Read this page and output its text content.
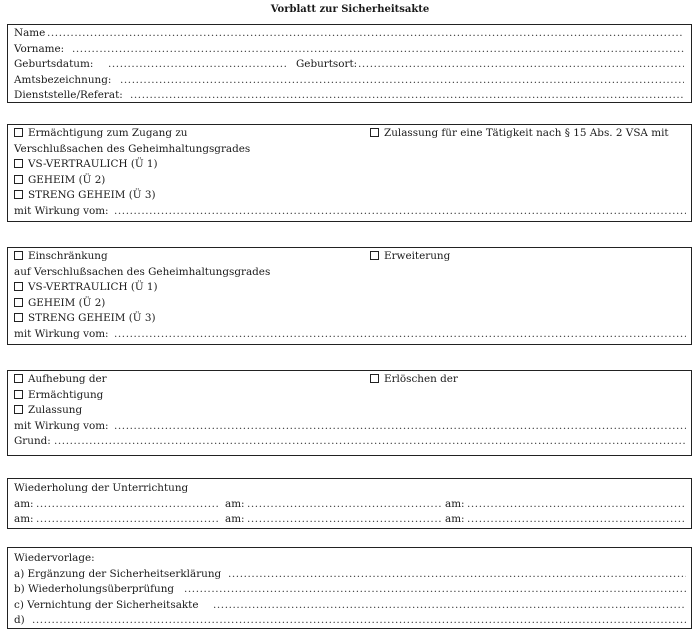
Vorblatt zur Sicherheitsakte
Name
.....
Vorname:
.....
Geburtsdatum: .....	Geburtsort:
.....
Amtsbezeichnung:
.....
Dienststelle/Referat:
.....
Ermächtigung zum Zugang zu	Zulassung für eine Tätigkeit nach § 15 Abs. 2 VSA mit
Verschlußsachen des Geheimhaltungsgrades
VS-VERTRAULICH (Ü 1)
GEHEIM (Ü 2)
STRENG GEHEIM (Ü 3)
mit Wirkung vom:
.....
Einschränkung	Erweiterung
auf Verschlußsachen des Geheimhaltungsgrades
VS-VERTRAULICH (Ü 1)
GEHEIM (Ü 2)
STRENG GEHEIM (Ü 3)
mit Wirkung vom:
.....
Aufhebung der	Erlöschen der
Ermächtigung
Zulassung
mit Wirkung vom:
.....
Grund:
.....
Wiederholung der Unterrichtung
am: .....	am: .....	am:
.....
am: .....	am: .....	am:
.....
Wiedervorlage:
a) Ergänzung der Sicherheitserklärung
.....
b) Wiederholungsüberprüfung
.....
c) Vernichtung der Sicherheitsakte
.....
d)
.....
